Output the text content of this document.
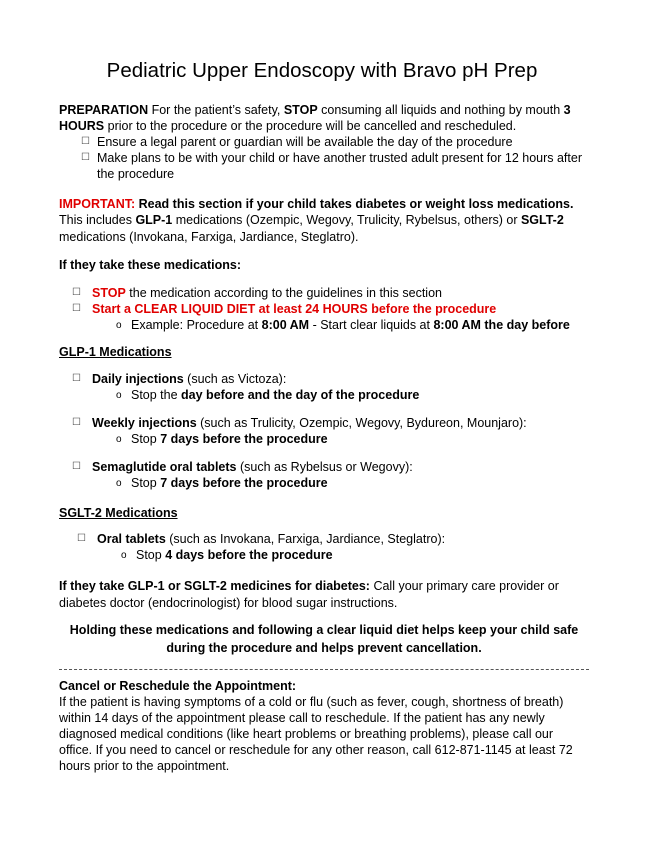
Pediatric Upper Endoscopy with Bravo pH Prep

PREPARATION For the patient’s safety, STOP consuming all liquids and nothing by mouth 3 HOURS prior to the procedure or the procedure will be cancelled and rescheduled.

☐ Ensure a legal parent or guardian will be available the day of the procedure
☐ Make plans to be with your child or have another trusted adult present for 12 hours after the procedure

IMPORTANT: Read this section if your child takes diabetes or weight loss medications.

This includes GLP-1 medications (Ozempic, Wegovy, Trulicity, Rybelsus, others) or SGLT-2 medications (Invokana, Farxiga, Jardiance, Steglatro).

If they take these medications:

☐ STOP the medication according to the guidelines in this section
☐ Start a CLEAR LIQUID DIET at least 24 HOURS before the procedure
o Example: Procedure at 8:00 AM - Start clear liquids at 8:00 AM the day before

GLP-1 Medications

☐ Daily injections (such as Victoza):
o Stop the day before and the day of the procedure
☐ Weekly injections (such as Trulicity, Ozempic, Wegovy, Bydureon, Mounjaro):
o Stop 7 days before the procedure
☐ Semaglutide oral tablets (such as Rybelsus or Wegovy):
o Stop 7 days before the procedure

SGLT-2 Medications

☐ Oral tablets (such as Invokana, Farxiga, Jardiance, Steglatro):
o Stop 4 days before the procedure

If they take GLP-1 or SGLT-2 medicines for diabetes: Call your primary care provider or diabetes doctor (endocrinologist) for blood sugar instructions.

Holding these medications and following a clear liquid diet helps keep your child safe during the procedure and helps prevent cancellation.

Cancel or Reschedule the Appointment:

If the patient is having symptoms of a cold or flu (such as fever, cough, shortness of breath) within 14 days of the appointment please call to reschedule. If the patient has any newly diagnosed medical conditions (like heart problems or breathing problems), please call our office. If you need to cancel or reschedule for any other reason, call 612-871-1145 at least 72 hours prior to the appointment.
